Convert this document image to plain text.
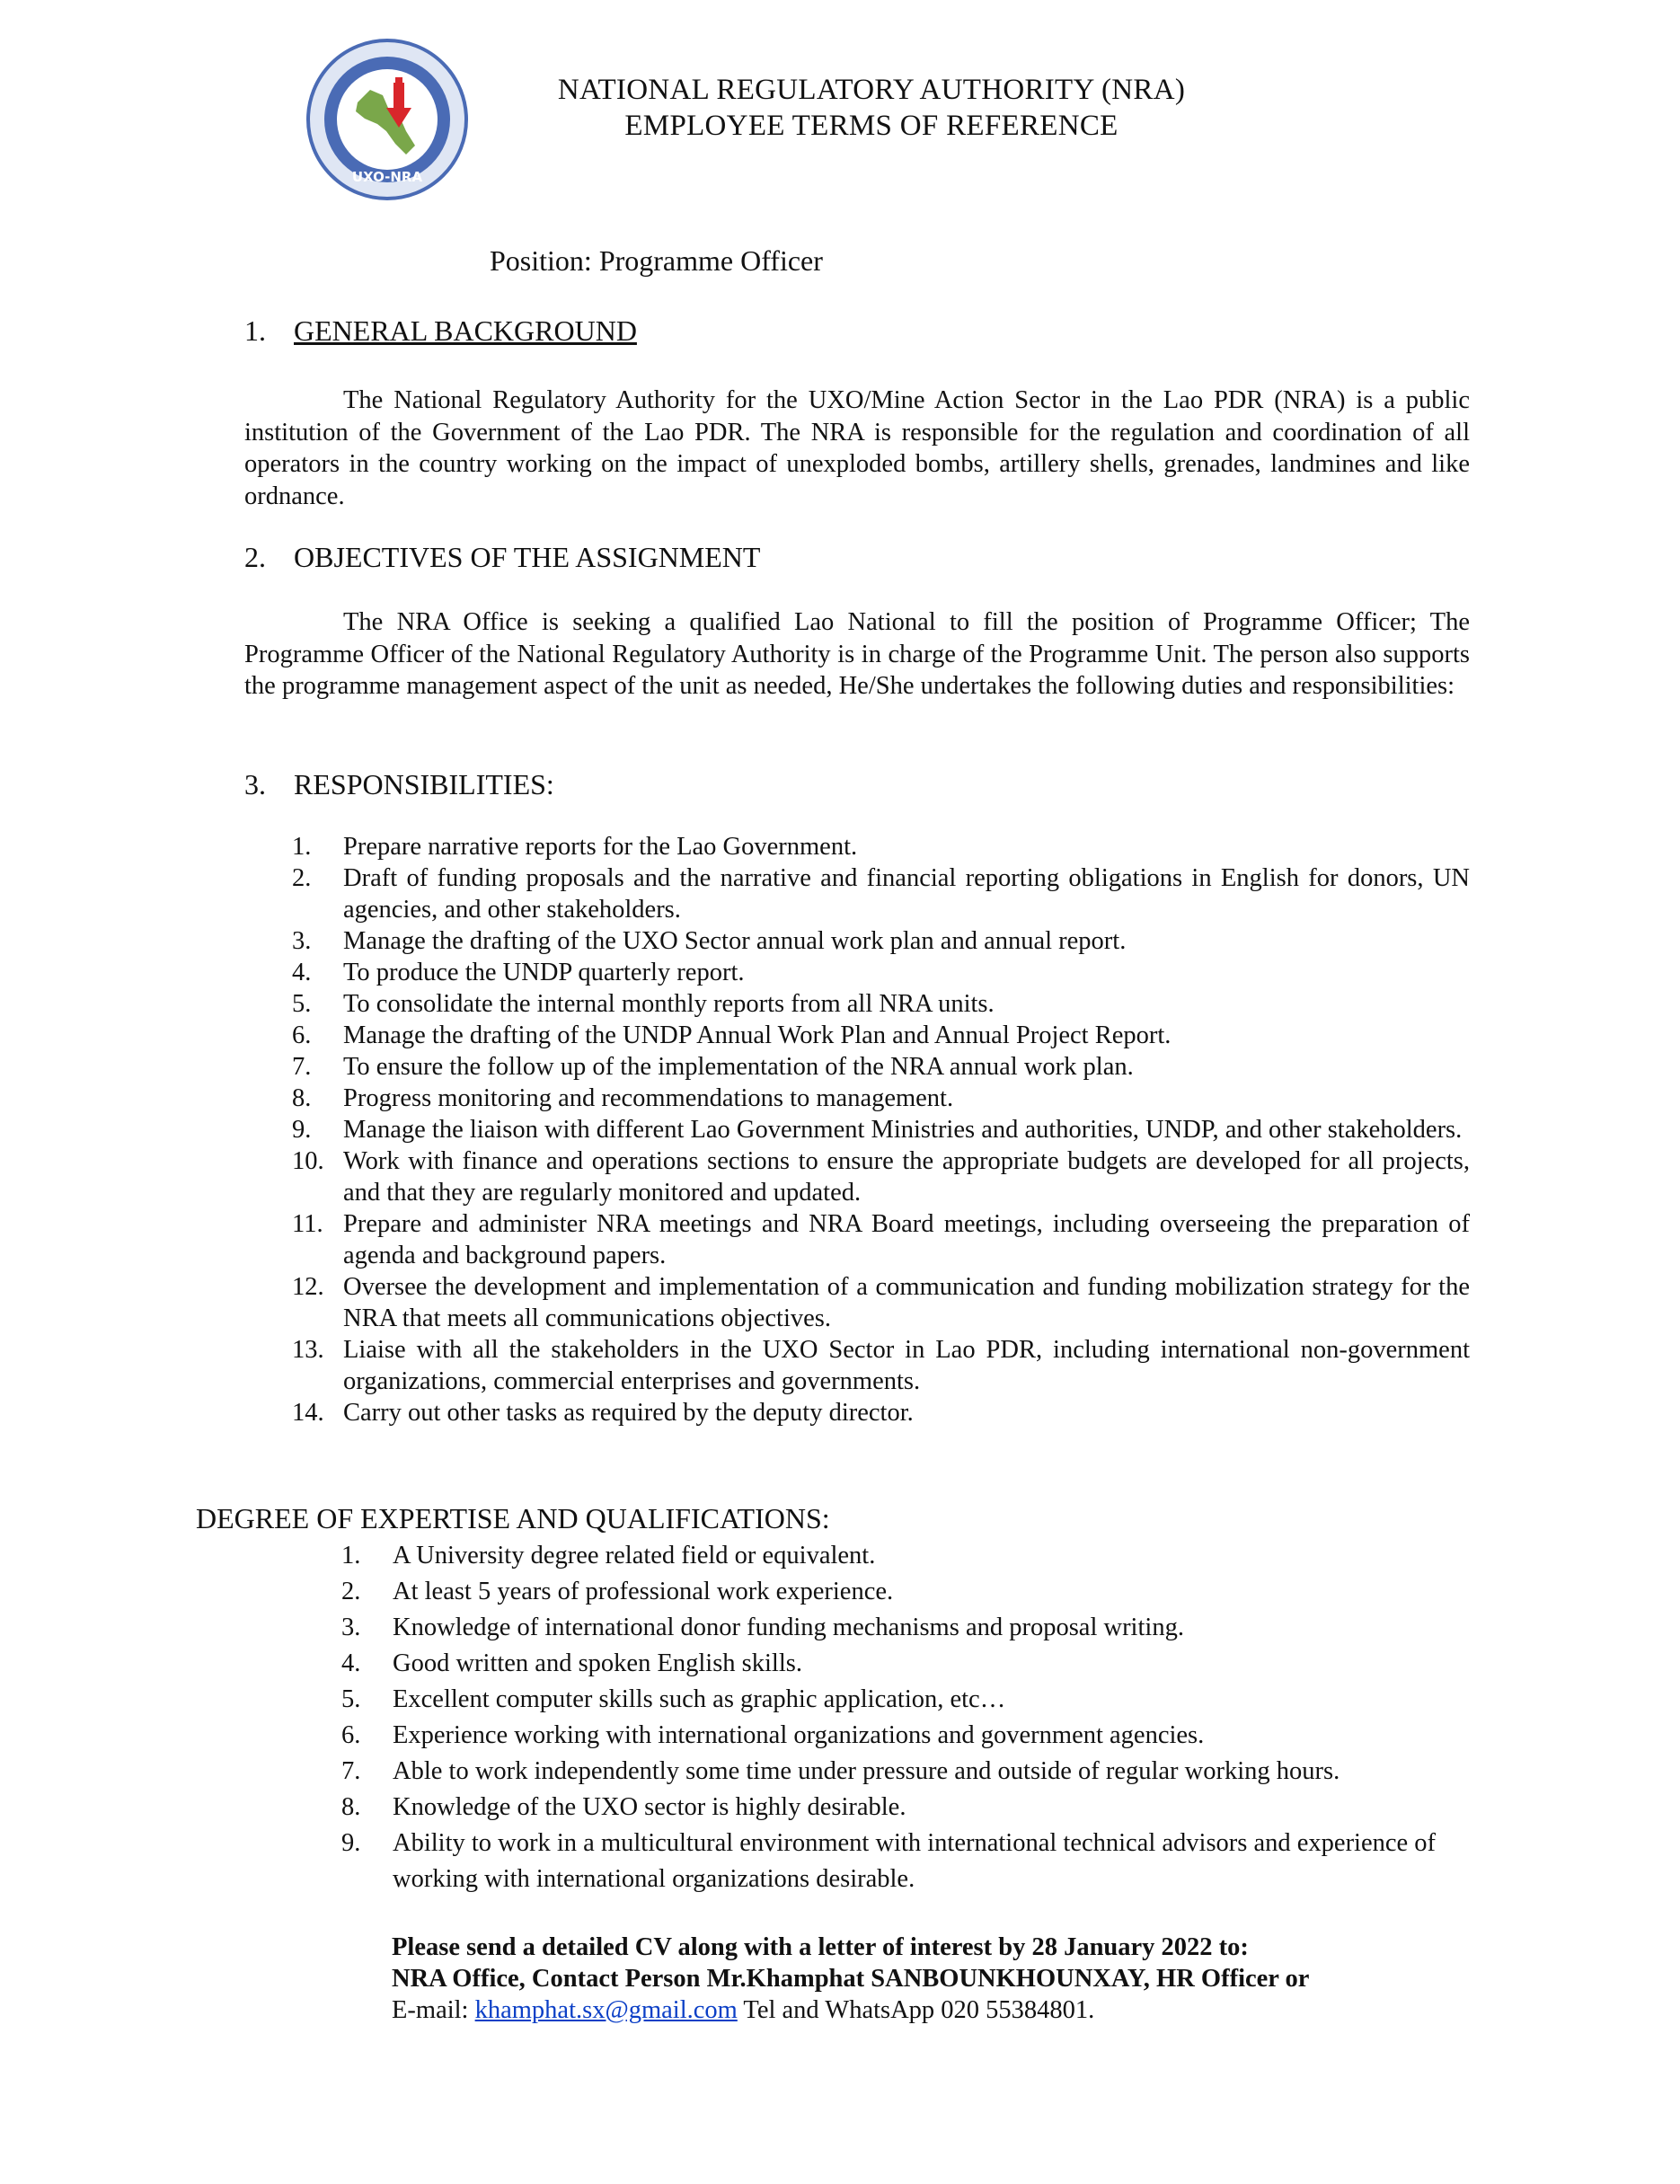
UXO-NRA
NATIONAL REGULATORY AUTHORITY (NRA)
EMPLOYEE TERMS OF REFERENCE
Position: Programme Officer
1. GENERAL BACKGROUND
The National Regulatory Authority for the UXO/Mine Action Sector in the Lao PDR (NRA) is a public institution of the Government of the Lao PDR. The NRA is responsible for the regulation and coordination of all operators in the country working on the impact of unexploded bombs, artillery shells, grenades, landmines and like ordnance.
2. OBJECTIVES OF THE ASSIGNMENT
The NRA Office is seeking a qualified Lao National to fill the position of Programme Officer; The Programme Officer of the National Regulatory Authority is in charge of the Programme Unit. The person also supports the programme management aspect of the unit as needed, He/She undertakes the following duties and responsibilities:
3. RESPONSIBILITIES:
1. Prepare narrative reports for the Lao Government.
2. Draft of funding proposals and the narrative and financial reporting obligations in English for donors, UN agencies, and other stakeholders.
3. Manage the drafting of the UXO Sector annual work plan and annual report.
4. To produce the UNDP quarterly report.
5. To consolidate the internal monthly reports from all NRA units.
6. Manage the drafting of the UNDP Annual Work Plan and Annual Project Report.
7. To ensure the follow up of the implementation of the NRA annual work plan.
8. Progress monitoring and recommendations to management.
9. Manage the liaison with different Lao Government Ministries and authorities, UNDP, and other stakeholders.
10. Work with finance and operations sections to ensure the appropriate budgets are developed for all projects, and that they are regularly monitored and updated.
11. Prepare and administer NRA meetings and NRA Board meetings, including overseeing the preparation of agenda and background papers.
12. Oversee the development and implementation of a communication and funding mobilization strategy for the NRA that meets all communications objectives.
13. Liaise with all the stakeholders in the UXO Sector in Lao PDR, including international non-government organizations, commercial enterprises and governments.
14. Carry out other tasks as required by the deputy director.
DEGREE OF EXPERTISE AND QUALIFICATIONS:
1. A University degree related field or equivalent.
2. At least 5 years of professional work experience.
3. Knowledge of international donor funding mechanisms and proposal writing.
4. Good written and spoken English skills.
5. Excellent computer skills such as graphic application, etc…
6. Experience working with international organizations and government agencies.
7. Able to work independently some time under pressure and outside of regular working hours.
8. Knowledge of the UXO sector is highly desirable.
9. Ability to work in a multicultural environment with international technical advisors and experience of working with international organizations desirable.
Please send a detailed CV along with a letter of interest by 28 January 2022 to:
NRA Office, Contact Person Mr.Khamphat SANBOUNKHOUNXAY, HR Officer or
E-mail: khamphat.sx@gmail.com Tel and WhatsApp 020 55384801.
